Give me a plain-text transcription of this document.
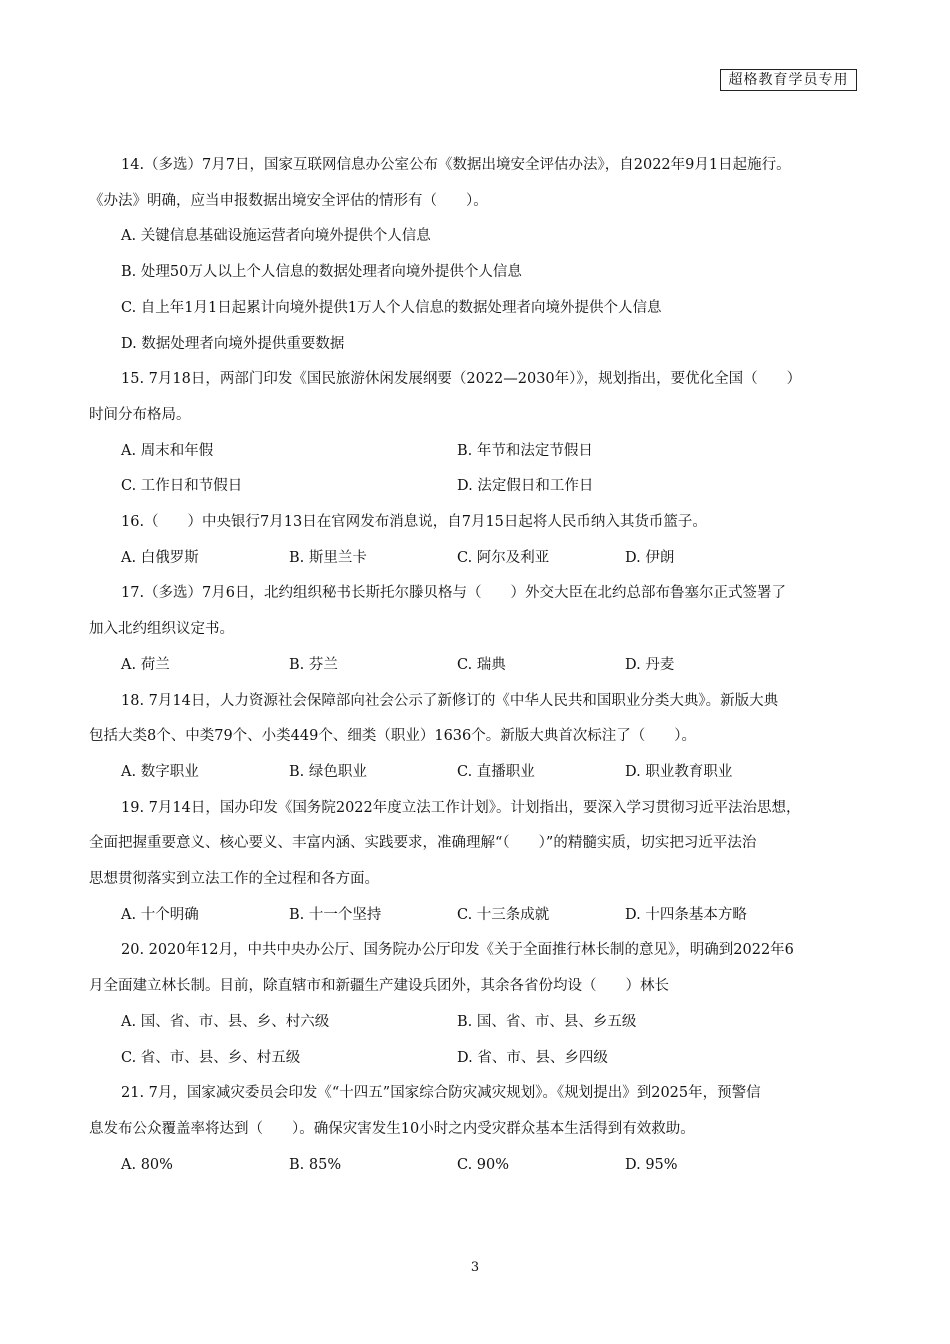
超格教育学员专用
14.（多选）7月7日，国家互联网信息办公室公布《数据出境安全评估办法》，自2022年9月1日起施行。
《办法》明确，应当申报数据出境安全评估的情形有（　　）。
A. 关键信息基础设施运营者向境外提供个人信息
B. 处理50万人以上个人信息的数据处理者向境外提供个人信息
C. 自上年1月1日起累计向境外提供1万人个人信息的数据处理者向境外提供个人信息
D. 数据处理者向境外提供重要数据
15. 7月18日，两部门印发《国民旅游休闲发展纲要（2022—2030年）》，规划指出，要优化全国（　　）
时间分布格局。
A. 周末和年假	B. 年节和法定节假日
C. 工作日和节假日	D. 法定假日和工作日
16.（　　）中央银行7月13日在官网发布消息说，自7月15日起将人民币纳入其货币篮子。
A. 白俄罗斯	B. 斯里兰卡	C. 阿尔及利亚	D. 伊朗
17.（多选）7月6日，北约组织秘书长斯托尔滕贝格与（　　）外交大臣在北约总部布鲁塞尔正式签署了
加入北约组织议定书。
A. 荷兰	B. 芬兰	C. 瑞典	D. 丹麦
18. 7月14日，人力资源社会保障部向社会公示了新修订的《中华人民共和国职业分类大典》。新版大典
包括大类8个、中类79个、小类449个、细类（职业）1636个。新版大典首次标注了（　　）。
A. 数字职业	B. 绿色职业	C. 直播职业	D. 职业教育职业
19. 7月14日，国办印发《国务院2022年度立法工作计划》。计划指出，要深入学习贯彻习近平法治思想，
全面把握重要意义、核心要义、丰富内涵、实践要求，准确理解“（　　）”的精髓实质，切实把习近平法治
思想贯彻落实到立法工作的全过程和各方面。
A. 十个明确	B. 十一个坚持	C. 十三条成就	D. 十四条基本方略
20. 2020年12月，中共中央办公厅、国务院办公厅印发《关于全面推行林长制的意见》，明确到2022年6
月全面建立林长制。目前，除直辖市和新疆生产建设兵团外，其余各省份均设（　　）林长
A. 国、省、市、县、乡、村六级	B. 国、省、市、县、乡五级
C. 省、市、县、乡、村五级	D. 省、市、县、乡四级
21. 7月，国家减灾委员会印发《“十四五”国家综合防灾减灾规划》。《规划提出》到2025年，预警信
息发布公众覆盖率将达到（　　）。确保灾害发生10小时之内受灾群众基本生活得到有效救助。
A. 80%	B. 85%	C. 90%	D. 95%
3
